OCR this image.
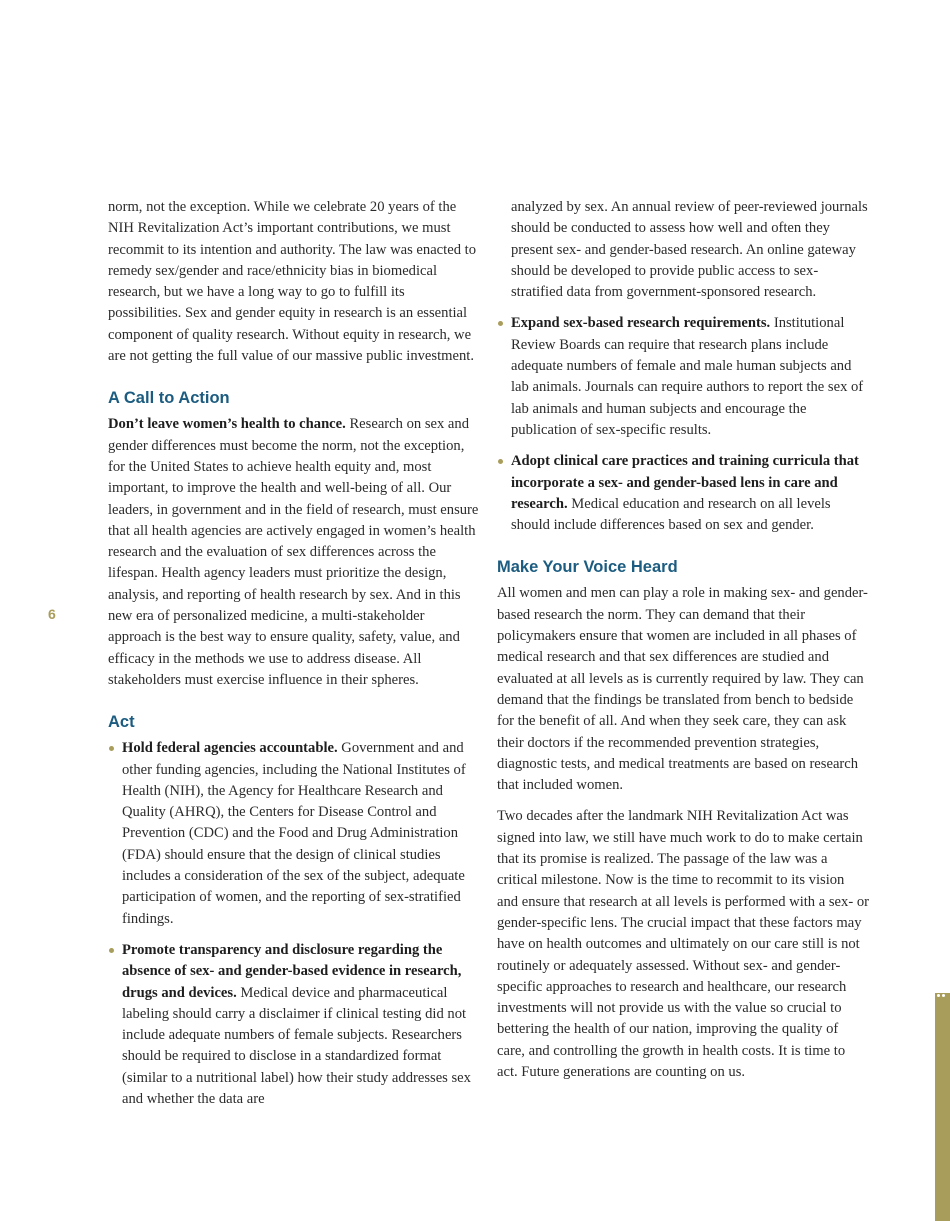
6

norm, not the exception. While we celebrate 20 years of the NIH Revitalization Act’s important contributions, we must recommit to its intention and authority. The law was enacted to remedy sex/gender and race/ethnicity bias in biomedical research, but we have a long way to go to fulfill its possibilities. Sex and gender equity in research is an essential component of quality research. Without equity in research, we are not getting the full value of our massive public investment.

A Call to Action

Don’t leave women’s health to chance. Research on sex and gender differences must become the norm, not the exception, for the United States to achieve health equity and, most important, to improve the health and well-being of all. Our leaders, in government and in the field of research, must ensure that all health agencies are actively engaged in women’s health research and the evaluation of sex differences across the lifespan. Health agency leaders must prioritize the design, analysis, and reporting of health research by sex. And in this new era of personalized medicine, a multi-stakeholder approach is the best way to ensure quality, safety, value, and efficacy in the methods we use to address disease. All stakeholders must exercise influence in their spheres.

Act
Hold federal agencies accountable. Government and and other funding agencies, including the National Institutes of Health (NIH), the Agency for Healthcare Research and Quality (AHRQ), the Centers for Disease Control and Prevention (CDC) and the Food and Drug Administration (FDA) should ensure that the design of clinical studies includes a consideration of the sex of the subject, adequate participation of women, and the reporting of sex-stratified findings.
Promote transparency and disclosure regarding the absence of sex- and gender-based evidence in research, drugs and devices. Medical device and pharmaceutical labeling should carry a disclaimer if clinical testing did not include adequate numbers of female subjects. Researchers should be required to disclose in a standardized format (similar to a nutritional label) how their study addresses sex and whether the data are

analyzed by sex. An annual review of peer-reviewed journals should be conducted to assess how well and often they present sex- and gender-based research. An online gateway should be developed to provide public access to sex-stratified data from government-sponsored research.

Expand sex-based research requirements. Institutional Review Boards can require that research plans include adequate numbers of female and male human subjects and lab animals. Journals can require authors to report the sex of lab animals and human subjects and encourage the publication of sex-specific results.
Adopt clinical care practices and training curricula that incorporate a sex- and gender-based lens in care and research. Medical education and research on all levels should include differences based on sex and gender.
Make Your Voice Heard

All women and men can play a role in making sex- and gender-based research the norm. They can demand that their policymakers ensure that women are included in all phases of medical research and that sex differences are studied and evaluated at all levels as is currently required by law. They can demand that the findings be translated from bench to bedside for the benefit of all. And when they seek care, they can ask their doctors if the recommended prevention strategies, diagnostic tests, and medical treatments are based on research that included women.

Two decades after the landmark NIH Revitalization Act was signed into law, we still have much work to do to make certain that its promise is realized. The passage of the law was a critical milestone. Now is the time to recommit to its vision and ensure that research at all levels is performed with a sex- or gender-specific lens. The crucial impact that these factors may have on health outcomes and ultimately on our care still is not routinely or adequately assessed. Without sex- and gender-specific approaches to research and healthcare, our research investments will not provide us with the value so crucial to bettering the health of our nation, improving the quality of care, and controlling the growth in health costs. It is time to act. Future generations are counting on us.
